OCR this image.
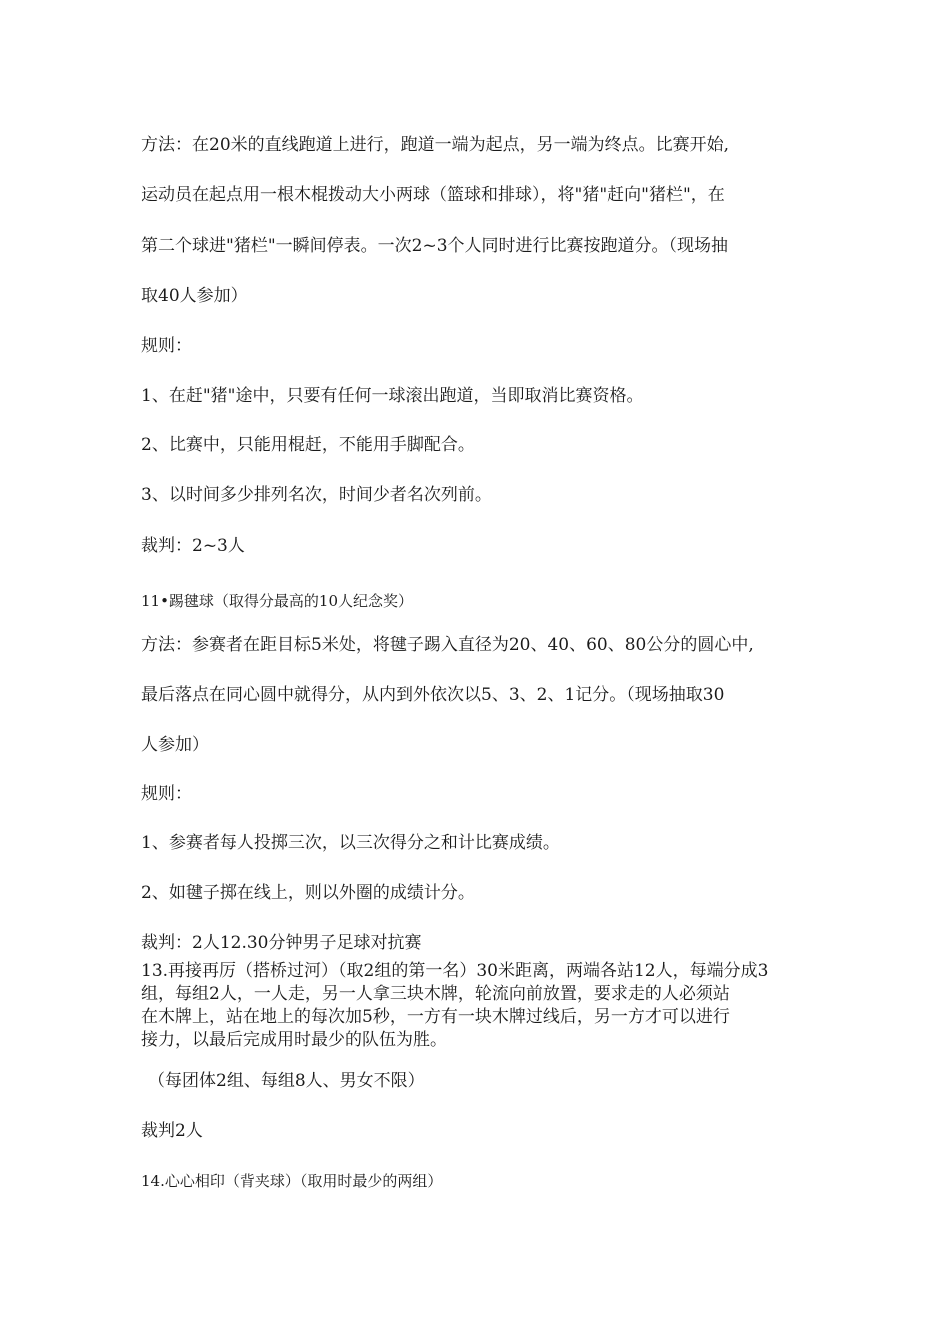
方法：在20米的直线跑道上进行，跑道一端为起点，另一端为终点。比赛开始,
运动员在起点用一根木棍拨动大小两球（篮球和排球），将"猪"赶向"猪栏"，在
第二个球进"猪栏"一瞬间停表。一次2~3个人同时进行比赛按跑道分。（现场抽
取40人参加）
规则：
1、在赶"猪"途中，只要有任何一球滚出跑道，当即取消比赛资格。
2、比赛中，只能用棍赶，不能用手脚配合。
3、以时间多少排列名次，时间少者名次列前。
裁判：2~3人
11•踢毽球（取得分最高的10人纪念奖）
方法：参赛者在距目标5米处，将毽子踢入直径为20、40、60、80公分的圆心中,
最后落点在同心圆中就得分，从内到外依次以5、3、2、1记分。（现场抽取30
人参加）
规则：
1、参赛者每人投掷三次，以三次得分之和计比赛成绩。
2、如毽子掷在线上，则以外圈的成绩计分。
裁判：2人12.30分钟男子足球对抗赛
13.再接再厉（搭桥过河）（取2组的第一名）30米距离，两端各站12人，每端分成3
组，每组2人，一人走，另一人拿三块木牌，轮流向前放置，要求走的人必须站
在木牌上，站在地上的每次加5秒，一方有一块木牌过线后，另一方才可以进行
接力，以最后完成用时最少的队伍为胜。
（每团体2组、每组8人、男女不限）
裁判2人
14.心心相印（背夹球）（取用时最少的两组）
